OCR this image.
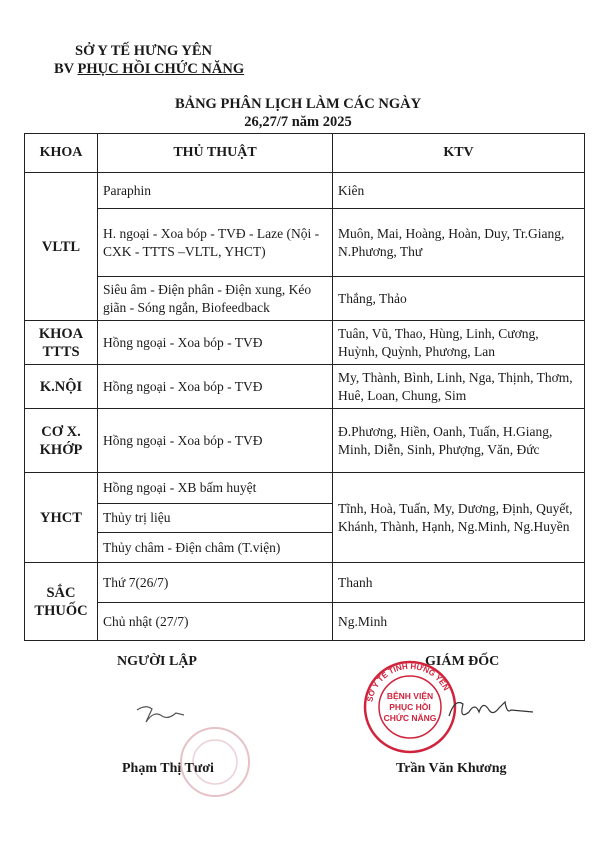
SỞ Y TẾ HƯNG YÊN
BV PHỤC HỒI CHỨC NĂNG
BẢNG PHÂN LỊCH LÀM CÁC NGÀY
26,27/7 năm 2025
KHOA	THỦ THUẬT	KTV
VLTL	Paraphin	Kiên
	H. ngoại - Xoa bóp - TVĐ - Laze (Nội - CXK - TTTS –VLTL, YHCT)	Muôn, Mai, Hoàng, Hoàn, Duy, Tr.Giang, N.Phương, Thư
	Siêu âm - Điện phân - Điện xung, Kéo giãn - Sóng ngắn, Biofeedback	Thắng, Thảo
KHOA TTTS	Hồng ngoại - Xoa bóp - TVĐ	Tuân, Vũ, Thao, Hùng, Linh, Cương, Huỳnh, Quỳnh, Phương, Lan
K.NỘI	Hồng ngoại - Xoa bóp - TVĐ	My, Thành, Bình, Linh, Nga, Thịnh, Thơm, Huê, Loan, Chung, Sim
CƠ X. KHỚP	Hồng ngoại - Xoa bóp - TVĐ	Đ.Phương, Hiền, Oanh, Tuấn, H.Giang, Minh, Diễn, Sinh, Phượng, Văn, Đức
YHCT	Hồng ngoại - XB bấm huyệt	Tĩnh, Hoà, Tuấn, My, Dương, Định, Quyết, Khánh, Thành, Hạnh, Ng.Minh, Ng.Huyền
	Thủy trị liệu	
	Thủy châm - Điện châm (T.viện)	
SẮC THUỐC	Thứ 7(26/7)	Thanh
	Chủ nhật (27/7)	Ng.Minh
NGƯỜI LẬP	GIÁM ĐỐC
SỞ Y TẾ TỈNH HƯNG YÊN
BỆNH VIỆN
PHỤC HỒI
CHỨC NĂNG
Phạm Thị Tươi	Trần Văn Khương
